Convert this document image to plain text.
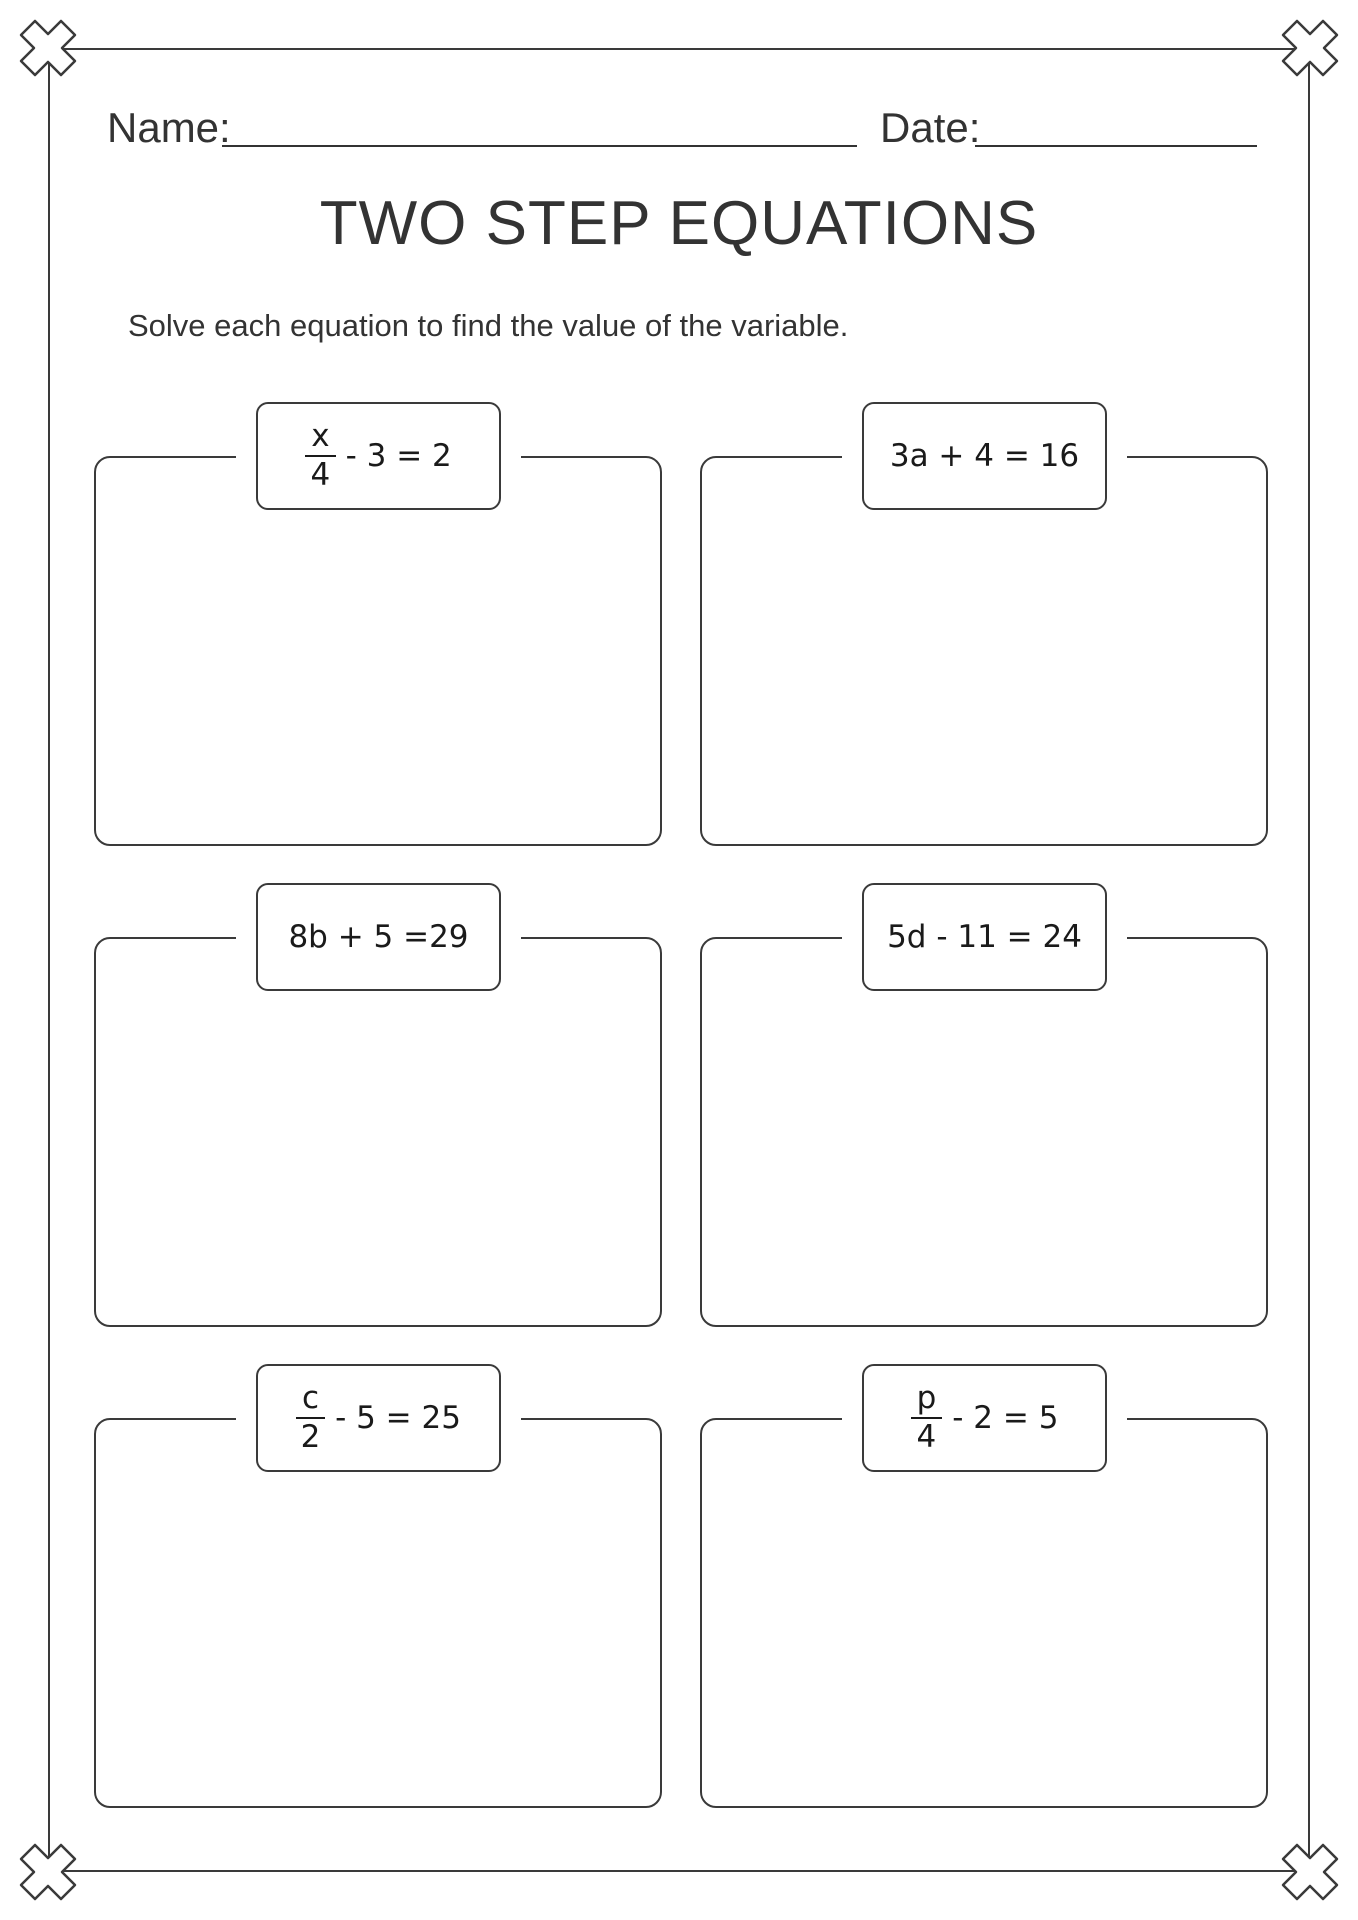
Name:	Date:
TWO STEP EQUATIONS
Solve each equation to find the value of the variable.
$\frac{x}{4} - 3 = 2$	3a + 4 = 16
8b + 5 =29	5d - 11 = 24
$\frac{c}{2} - 5 = 25$	$\frac{p}{4} - 2 = 5$
